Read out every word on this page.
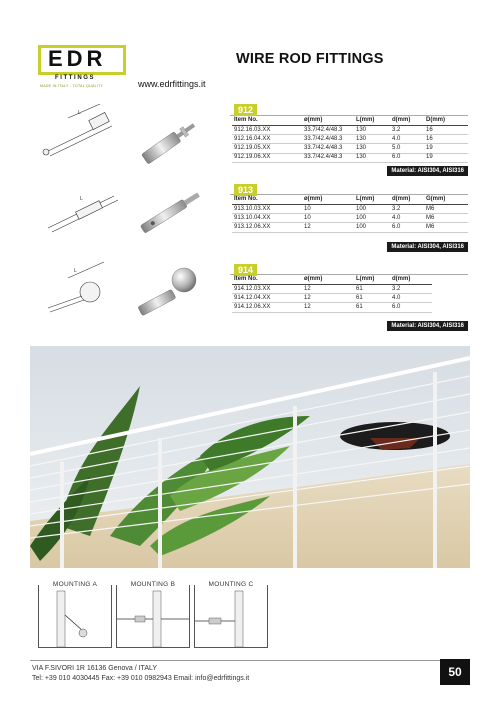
EDR
FITTINGS
MADE IN ITALY - TOTAL QUALITY	www.edrfittings.it
WIRE ROD FITTINGS
L	912
Item No.	ø(mm)	L(mm)	d(mm)	D(mm)
912.16.03.XX	33.7/42.4/48.3	130	3.2	16
912.16.04.XX	33.7/42.4/48.3	130	4.0	16
912.19.05.XX	33.7/42.4/48.3	130	5.0	19
912.19.06.XX	33.7/42.4/48.3	130	6.0	19
Material: AISI304, AISI316
L
913
Item No.	ø(mm)	L(mm)	d(mm)	G(mm)
913.10.03.XX	10	100	3.2	M6
913.10.04.XX	10	100	4.0	M6
913.12.06.XX	12	100	6.0	M6
Material: AISI304, AISI316
L	914
Item No.	ø(mm)	L(mm)	d(mm)
914.12.03.XX	12	61	3.2
914.12.04.XX	12	61	4.0
914.12.06.XX	12	61	6.0
Material: AISI304, AISI316
MOUNTING A	MOUNTING B	MOUNTING C
VIA F.SIVORI 1R 16136 Genova / ITALY
Tel: +39 010 4030445 Fax: +39 010 0982943 Email: info@edrfittings.it	50
